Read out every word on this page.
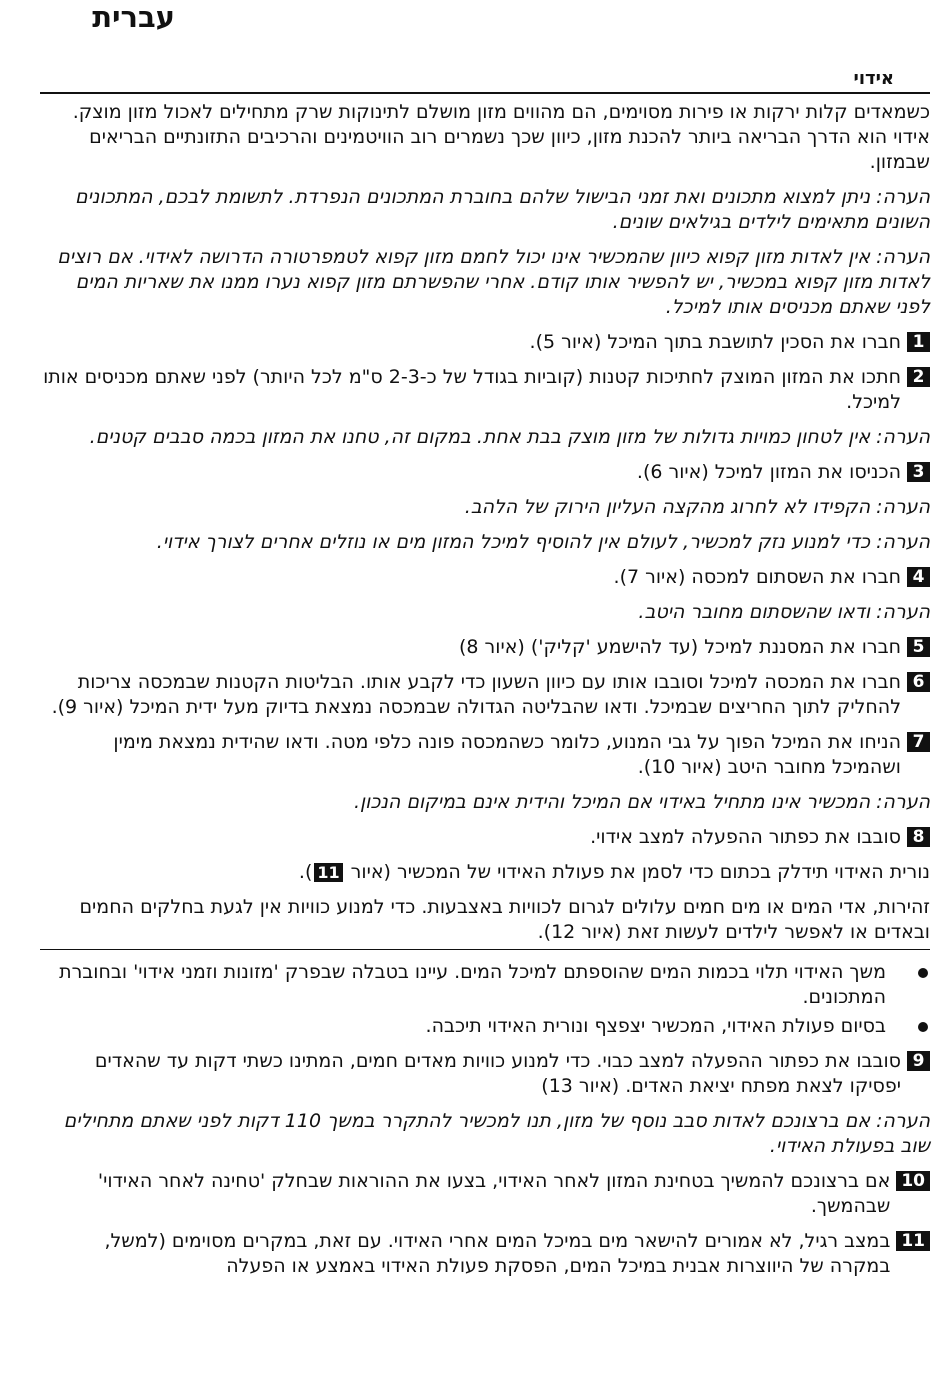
עברית
אידוי

כשמאדים קלות ירקות או פירות מסוימים, הם מהווים מזון מושלם לתינוקות שרק מתחילים לאכול מזון מוצק. אידוי הוא הדרך הבריאה ביותר להכנת מזון, כיוון שכך נשמרים רוב הוויטמינים והרכיבים התזונתיים הבריאים שבמזון.

הערה: ניתן למצוא מתכונים ואת זמני הבישול שלהם בחוברת המתכונים הנפרדת. לתשומת לבכם, המתכונים השונים מתאימים לילדים בגילאים שונים.

הערה: אין לאדות מזון קפוא כיוון שהמכשיר אינו יכול לחמם מזון קפוא לטמפרטורה הדרושה לאידוי. אם רוצים לאדות מזון קפוא במכשיר, יש להפשיר אותו קודם. אחרי שהפשרתם מזון קפוא נערו ממנו את שאריות המים לפני שאתם מכניסים אותו למיכל.

1
חברו את הסכין לתושבת בתוך המיכל (איור 5).
2
חתכו את המזון המוצק לחתיכות קטנות (קוביות בגודל של כ-2-3 ס"מ לכל היותר) לפני שאתם מכניסים אותו למיכל.

הערה: אין לטחון כמויות גדולות של מזון מוצק בבת אחת. במקום זה, טחנו את המזון בכמה סבבים קטנים.

3
הכניסו את המזון למיכל (איור 6).

הערה: הקפידו לא לחרוג מהקצה העליון הירוק של הלהב.

הערה: כדי למנוע נזק למכשיר, לעולם אין להוסיף למיכל המזון מים או נוזלים אחרים לצורך אידוי.

4
חברו את השסתום למכסה (איור 7).

הערה: ודאו שהשסתום מחובר היטב.

5
חברו את המסננת למיכל (עד להישמע 'קליק') (איור 8)
6
חברו את המכסה למיכל וסובבו אותו עם כיוון השעון כדי לקבע אותו. הבליטות הקטנות שבמכסה צריכות להחליק לתוך החריצים שבמיכל. ודאו שהבליטה הגדולה שבמכסה נמצאת בדיוק מעל ידית המיכל (איור 9).
7
הניחו את המיכל הפוך על גבי המנוע, כלומר כשהמכסה פונה כלפי מטה. ודאו שהידית נמצאת מימין ושהמיכל מחובר היטב (איור 10).

הערה: המכשיר אינו מתחיל באידוי אם המיכל והידית אינם במיקום הנכון.

8
סובבו את כפתור ההפעלה למצב אידוי.

נורית האידוי תידלק בכתום כדי לסמן את פעולת האידוי של המכשיר (איור 11).

זהירות, אדי המים או מים חמים עלולים לגרום לכוויות באצבעות. כדי למנוע כוויות אין לגעת בחלקים החמים ובאדים או לאפשר לילדים לעשות זאת (איור 12).

משך האידוי תלוי בכמות המים שהוספתם למיכל המים. עיינו בטבלה שבפרק 'מזונות וזמני אידוי' ובחוברת המתכונים.
בסיום פעולת האידוי, המכשיר יצפצף ונורית האידוי תיכבה.
9
סובבו את כפתור ההפעלה למצב כבוי. כדי למנוע כוויות מאדים חמים, המתינו כשתי דקות עד שהאדים יפסיקו לצאת מפתח יציאת האדים. (איור 13)

הערה: אם ברצונכם לאדות סבב נוסף של מזון, תנו למכשיר להתקרר במשך 110 דקות לפני שאתם מתחילים שוב בפעולת האידוי.

10
אם ברצונכם להמשיך בטחינת המזון לאחר האידוי, בצעו את ההוראות שבחלק 'טחינה לאחר האידוי' שבהמשך.
11
במצב רגיל, לא אמורים להישאר מים במיכל המים אחרי האידוי. עם זאת, במקרים מסוימים (למשל, במקרה של היווצרות אבנית במיכל המים, הפסקת פעולת האידוי באמצע או הפעלה
